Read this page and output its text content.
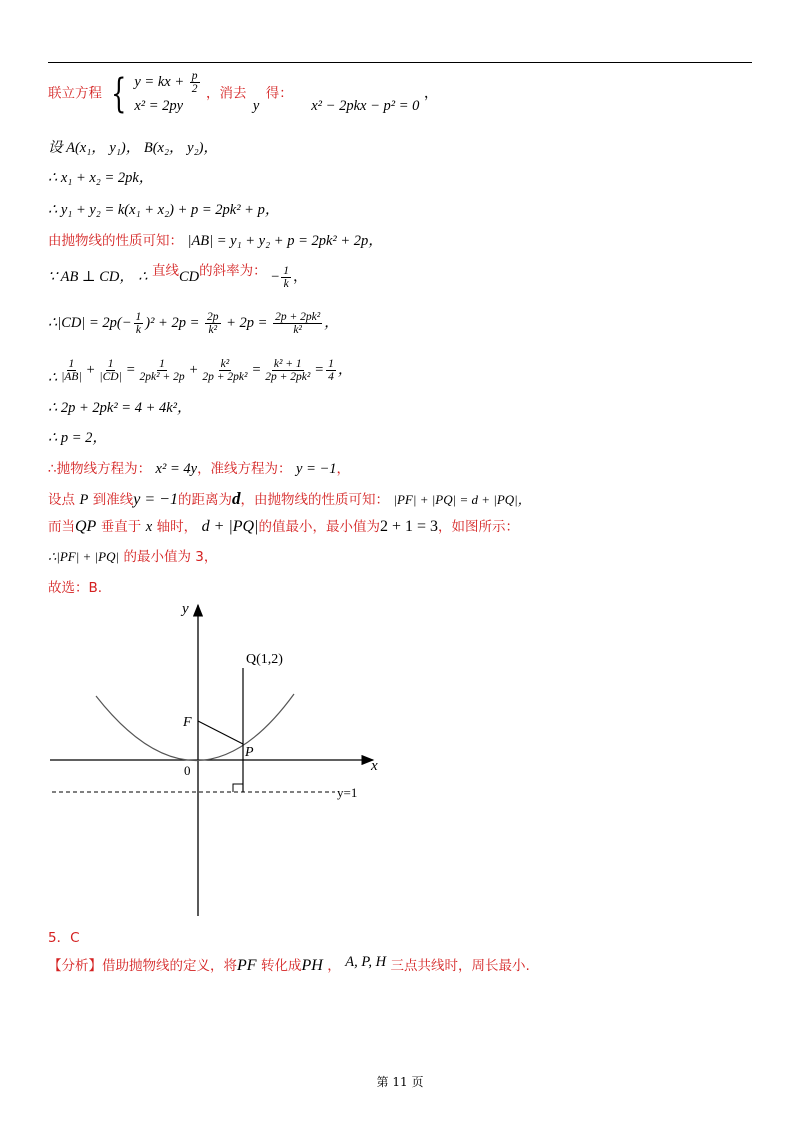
联立方程 { y = kx + $\frac{p}{2}$
x² = 2py
，消去 y 得： x² − 2pkx − p² = 0 ，
设 A(x₁， y₁)， B(x₂， y₂)，
∴ x₁ + x₂ = 2pk，
∴ y₁ + y₂ = k(x₁ + x₂) + p = 2pk² + p，
由抛物线的性质可知： |AB| = y₁ + y₂ + p = 2pk² + 2p，
∵ AB ⊥ CD， ∴ 直线CD的斜率为： − $\frac{1}{k}$ ，
∴|CD| = $2p(- \frac{1}{k} )^2 + 2p = \frac{2p}{\text{k²}} + 2p = \frac{\text{2p + 2pk²}}{\text{k²}}$ ，
∴ $\frac{1}{|AB|} + \frac{1}{|CD|} = \frac{1}{\text{2pk² + 2p}} + \frac{\text{k²}}{\text{2p + 2pk²}} = \frac{\text{k² + 1}}{\text{2p + 2pk²}} = \frac{1}{4}$ ，
∴ 2p + 2pk² = 4 + 4k²，
∴ p = 2，
∴抛物线方程为： x² = 4y，准线方程为： y = −1，
设点 P 到准线y = −1的距离为d，由抛物线的性质可知： |PF| + |PQ| = d + |PQ|，
而当QP 垂直于 x 轴时， d + |PQ|的值最小，最小值为2 + 1 = 3，如图所示：
∴|PF| + |PQ| 的最小值为 3，
故选：B.
y
x
0
F
P
Q(1,2)
y=1
5．C
【分析】借助抛物线的定义，将PF 转化成PH ， A, P, H 三点共线时，周长最小.
第 11 页
